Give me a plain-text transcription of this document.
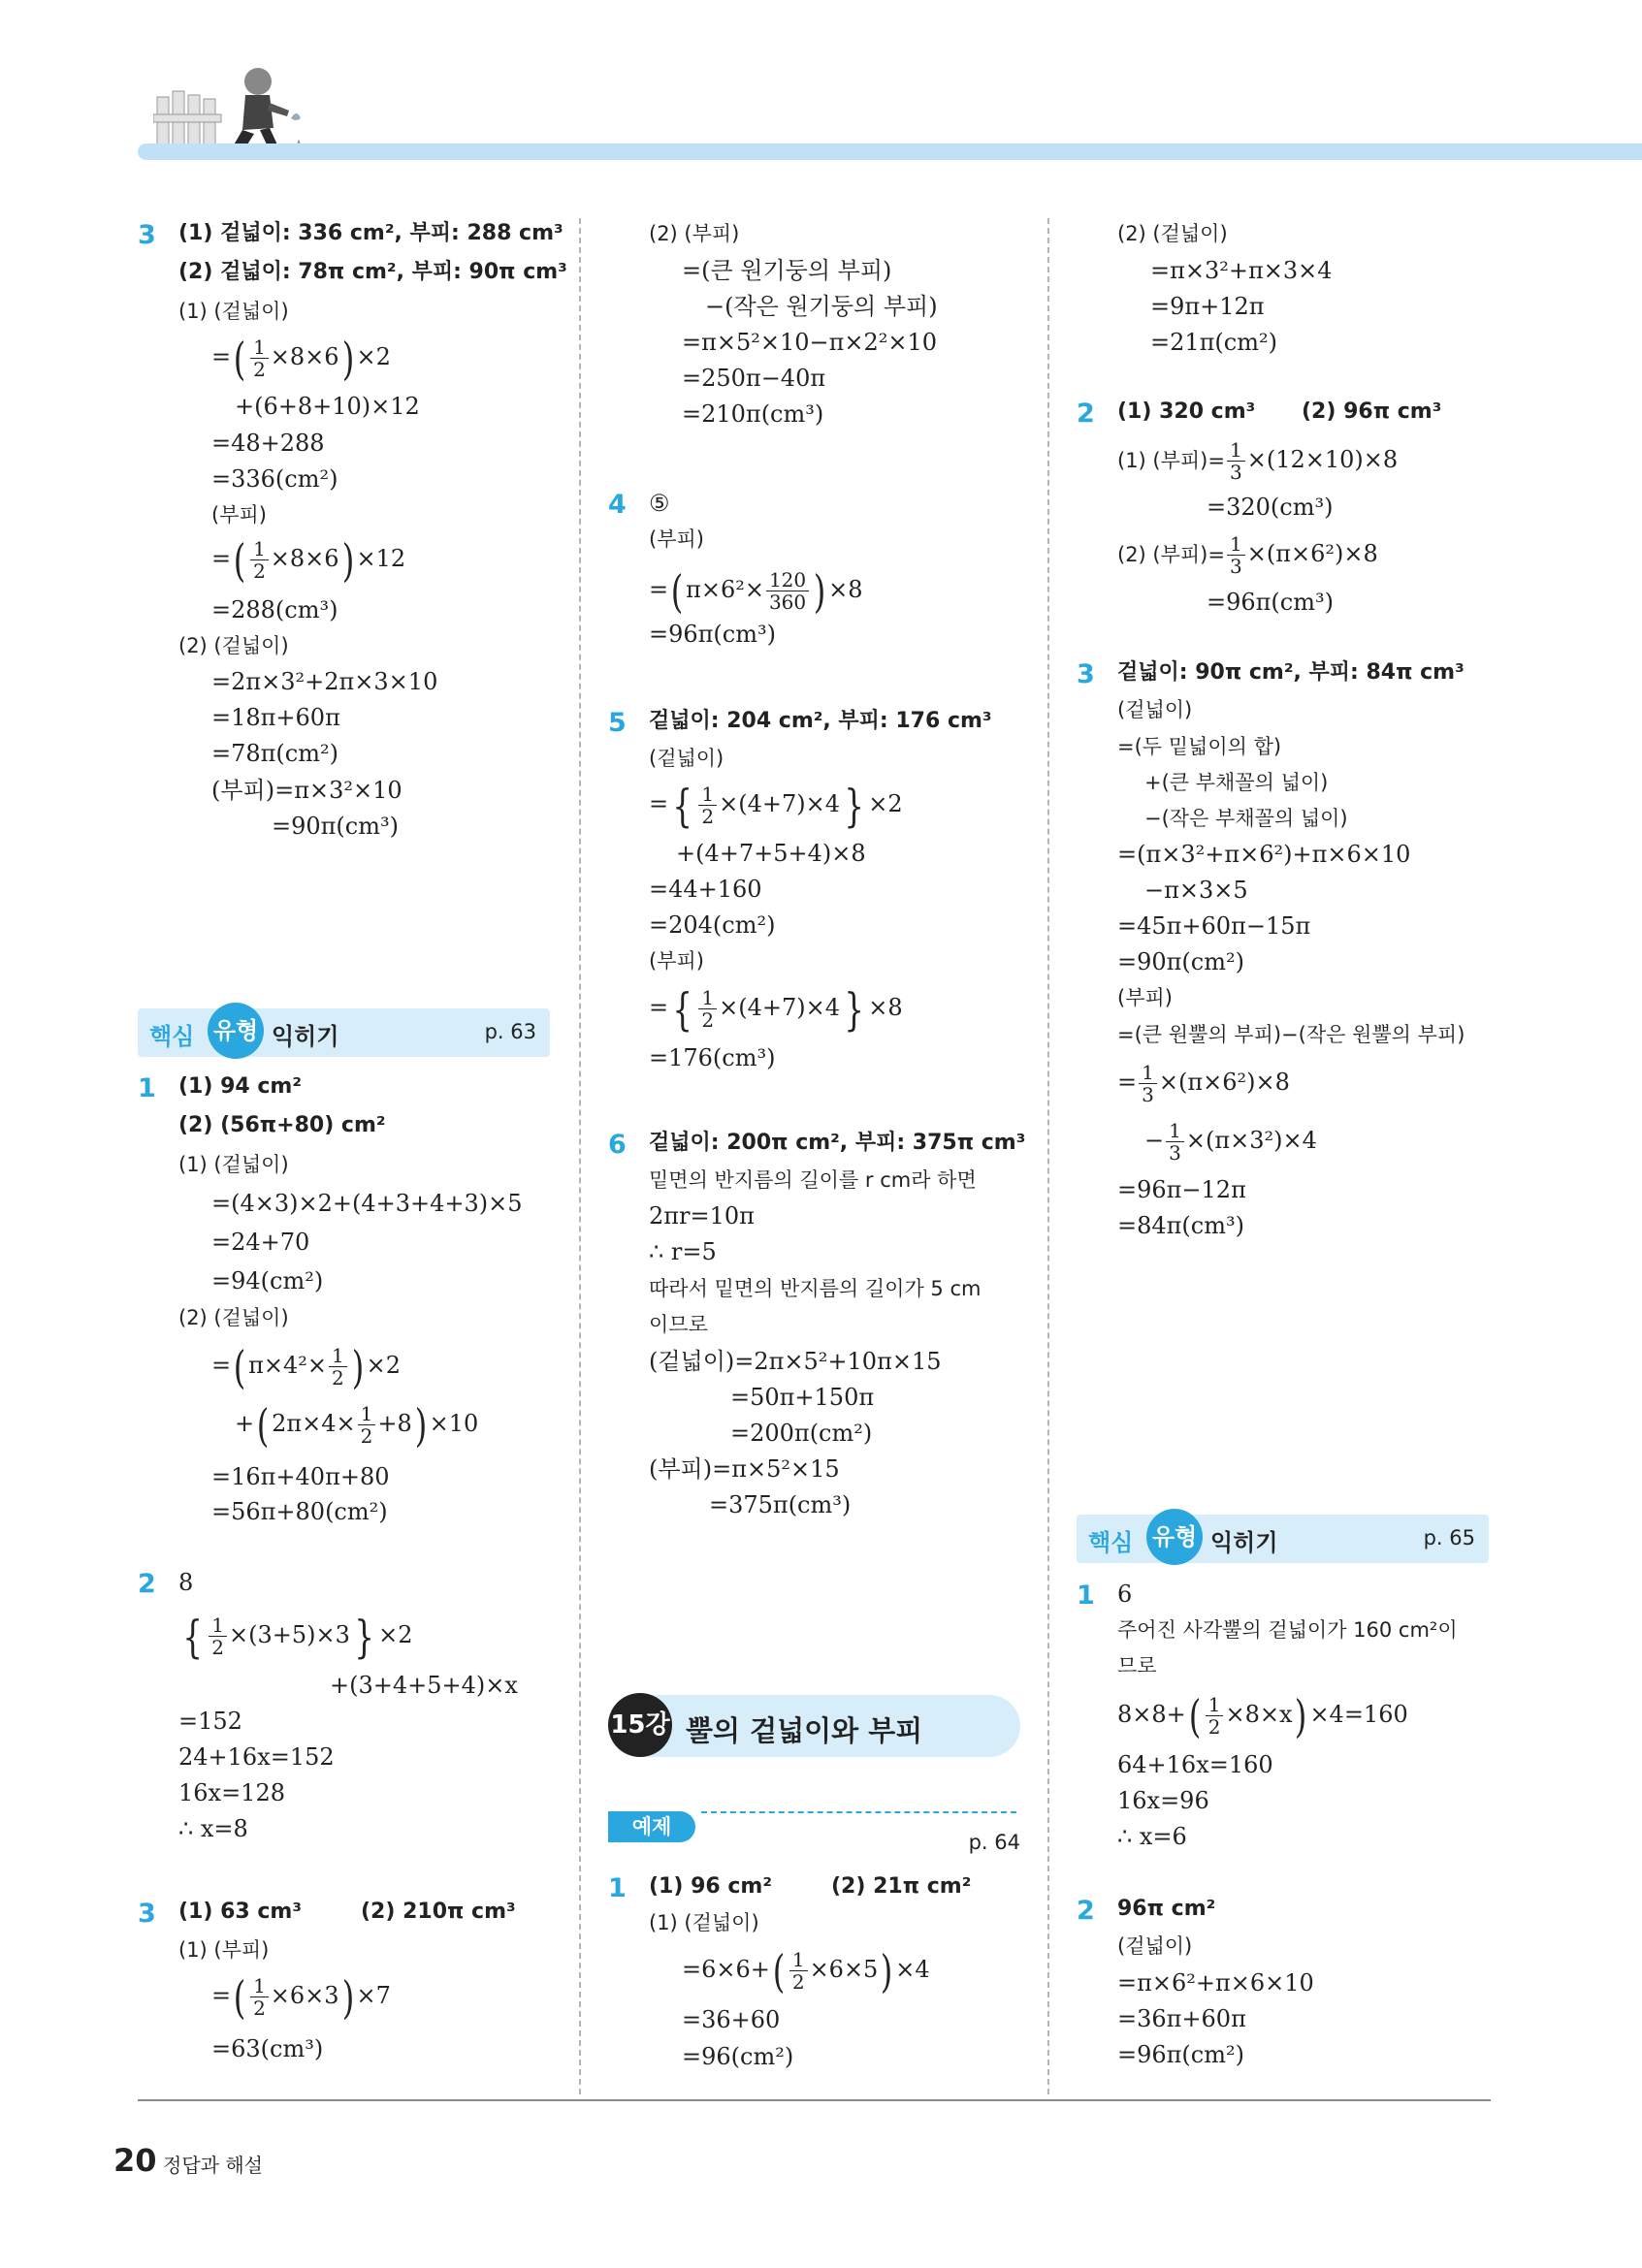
3	(1) 겉넓이: 336 cm², 부피: 288 cm³
(2) 겉넓이: 78π cm², 부피: 90π cm³
(1) (겉넓이)
=( $\frac{1}{2} \times 8\times 6) \times 2$
+(6+8+10)×12
=48+288
=336(cm²)
(부피)
=( $\frac{1}{2} \times 8\times 6) \times 12$
=288(cm³)
(2) (겉넓이)
=2π×3²+2π×3×10
=18π+60π
=78π(cm²)
(부피)=π×3²×10
=90π(cm³)
핵심 유형 익히기	p. 63
1	(1) 94 cm²
(2) (56π+80) cm²
(1) (겉넓이)
=(4×3)×2+(4+3+4+3)×5
=24+70
=94(cm²)
(2) (겉넓이)
=( $\pi\times 4^2\times \frac{1}{2}$ ) ×2
+( $2\pi\times 4\times \frac{1}{2} +8) \times 10$
=16π+40π+80
=56π+80(cm²)
2 8
{ $\frac{1}{2} \times(3+5)\times 3\} \times 2$
+(3+4+5+4)×x
=152
24+16x=152
16x=128
∴ x=8
3	(1) 63 cm³	(2) 210π cm³
(1) (부피)
=( $\frac{1}{2} \times 6\times 3) \times 7$
=63(cm³)
(2) (부피)
=(큰 원기둥의 부피)
−(작은 원기둥의 부피)
=π×5²×10−π×2²×10
=250π−40π
=210π(cm³)
4 ⑤
(부피)
=( $\pi\times 6^2\times \frac{120}{360}$ ) ×8
=96π(cm³)
5	겉넓이: 204 cm², 부피: 176 cm³
(겉넓이)
={ $\frac{1}{2} \times(4+7)\times 4\} \times 2$
+(4+7+5+4)×8
=44+160
=204(cm²)
(부피)
={ $\frac{1}{2} \times(4+7)\times 4\} \times 8$
=176(cm³)
6	겉넓이: 200π cm², 부피: 375π cm³
밑면의 반지름의 길이를 r cm라 하면
2πr=10π
∴ r=5
따라서 밑면의 반지름의 길이가 5 cm
이므로
(겉넓이)=2π×5²+10π×15
=50π+150π
=200π(cm²)
(부피)=π×5²×15
=375π(cm³)
1	(1) 96 cm²	(2) 21π cm²
(1) (겉넓이)
$=6\times 6+( \frac{1}{2} \times 6\times 5) \times 4$
=36+60
=96(cm²)
15강 뿔의 겉넓이와 부피
예제
p. 64
(2) (겉넓이)
=π×3²+π×3×4
=9π+12π
=21π(cm²)
2	(1) 320 cm³ (2) 96π cm³
(1) (부피)= $\frac{1}{3} \times(12\times 10)\times 8$
=320(cm³)
(2) (부피)= $\frac{1}{3} \times(\pi\times 6^2)\times 8$
=96π(cm³)
3	겉넓이: 90π cm², 부피: 84π cm³
(겉넓이)
=(두 밑넓이의 합)
+(큰 부채꼴의 넓이)
−(작은 부채꼴의 넓이)
=(π×3²+π×6²)+π×6×10
−π×3×5
=45π+60π−15π
=90π(cm²)
(부피)
=(큰 원뿔의 부피)−(작은 원뿔의 부피)
= $\frac{1}{3} \times(\pi\times 6^2)\times 8$
− $\frac{1}{3} \times(\pi\times 3^2)\times 4$
=96π−12π
=84π(cm³)
핵심 유형 익히기	p. 65
1 6
주어진 사각뿔의 겉넓이가 160 cm²이
므로
$8\times 8+( \frac{1}{2} \times 8\times x) \times 4=160$
64+16x=160
16x=96
∴ x=6
2	96π cm²
(겉넓이)
=π×6²+π×6×10
=36π+60π
=96π(cm²)
20 정답과 해설
